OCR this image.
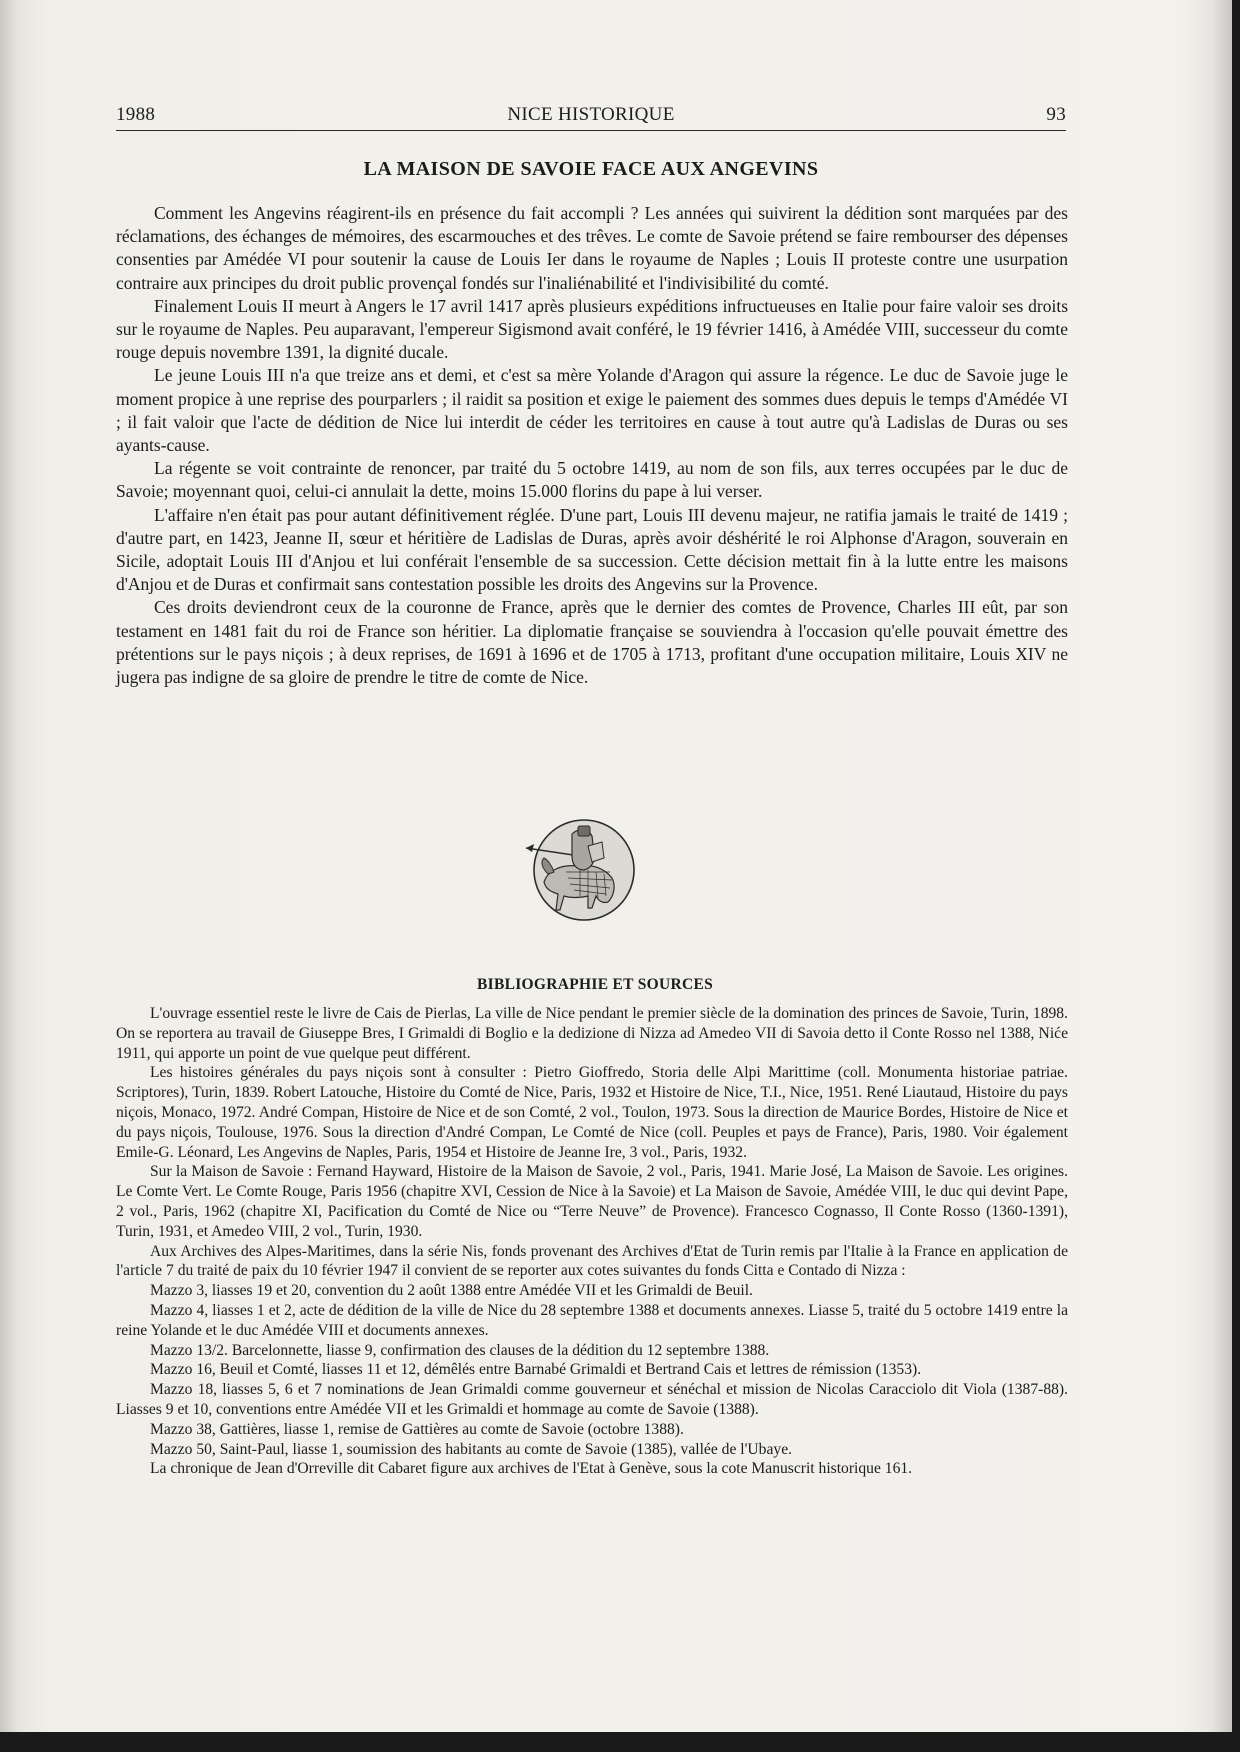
1988	NICE HISTORIQUE	93
LA MAISON DE SAVOIE FACE AUX ANGEVINS

Comment les Angevins réagirent-ils en présence du fait accompli ? Les années qui suivirent la dédition sont marquées par des réclamations, des échanges de mémoires, des escarmouches et des trêves. Le comte de Savoie prétend se faire rembourser des dépenses consenties par Amédée VI pour soutenir la cause de Louis Ier dans le royaume de Naples ; Louis II proteste contre une usurpation contraire aux principes du droit public provençal fondés sur l'inaliénabilité et l'indivisibilité du comté.

Finalement Louis II meurt à Angers le 17 avril 1417 après plusieurs expéditions infructueuses en Italie pour faire valoir ses droits sur le royaume de Naples. Peu auparavant, l'empereur Sigismond avait conféré, le 19 février 1416, à Amédée VIII, successeur du comte rouge depuis novembre 1391, la dignité ducale.

Le jeune Louis III n'a que treize ans et demi, et c'est sa mère Yolande d'Aragon qui assure la régence. Le duc de Savoie juge le moment propice à une reprise des pourparlers ; il raidit sa position et exige le paiement des sommes dues depuis le temps d'Amédée VI ; il fait valoir que l'acte de dédition de Nice lui interdit de céder les territoires en cause à tout autre qu'à Ladislas de Duras ou ses ayants-cause.

La régente se voit contrainte de renoncer, par traité du 5 octobre 1419, au nom de son fils, aux terres occupées par le duc de Savoie; moyennant quoi, celui-ci annulait la dette, moins 15.000 florins du pape à lui verser.

L'affaire n'en était pas pour autant définitivement réglée. D'une part, Louis III devenu majeur, ne ratifia jamais le traité de 1419 ; d'autre part, en 1423, Jeanne II, sœur et héritière de Ladislas de Duras, après avoir déshérité le roi Alphonse d'Aragon, souverain en Sicile, adoptait Louis III d'Anjou et lui conférait l'ensemble de sa succession. Cette décision mettait fin à la lutte entre les maisons d'Anjou et de Duras et confirmait sans contestation possible les droits des Angevins sur la Provence.

Ces droits deviendront ceux de la couronne de France, après que le dernier des comtes de Provence, Charles III eût, par son testament en 1481 fait du roi de France son héritier. La diplomatie française se souviendra à l'occasion qu'elle pouvait émettre des prétentions sur le pays niçois ; à deux reprises, de 1691 à 1696 et de 1705 à 1713, profitant d'une occupation militaire, Louis XIV ne jugera pas indigne de sa gloire de prendre le titre de comte de Nice.

BIBLIOGRAPHIE ET SOURCES

L'ouvrage essentiel reste le livre de Cais de Pierlas, La ville de Nice pendant le premier siècle de la domination des princes de Savoie, Turin, 1898. On se reportera au travail de Giuseppe Bres, I Grimaldi di Boglio e la dedizione di Nizza ad Amedeo VII di Savoia detto il Conte Rosso nel 1388, Niće 1911, qui apporte un point de vue quelque peut différent.

Les histoires générales du pays niçois sont à consulter : Pietro Gioffredo, Storia delle Alpi Marittime (coll. Monumenta historiae patriae. Scriptores), Turin, 1839. Robert Latouche, Histoire du Comté de Nice, Paris, 1932 et Histoire de Nice, T.I., Nice, 1951. René Liautaud, Histoire du pays niçois, Monaco, 1972. André Compan, Histoire de Nice et de son Comté, 2 vol., Toulon, 1973. Sous la direction de Maurice Bordes, Histoire de Nice et du pays niçois, Toulouse, 1976. Sous la direction d'André Compan, Le Comté de Nice (coll. Peuples et pays de France), Paris, 1980. Voir également Emile-G. Léonard, Les Angevins de Naples, Paris, 1954 et Histoire de Jeanne Ire, 3 vol., Paris, 1932.

Sur la Maison de Savoie : Fernand Hayward, Histoire de la Maison de Savoie, 2 vol., Paris, 1941. Marie José, La Maison de Savoie. Les origines. Le Comte Vert. Le Comte Rouge, Paris 1956 (chapitre XVI, Cession de Nice à la Savoie) et La Maison de Savoie, Amédée VIII, le duc qui devint Pape, 2 vol., Paris, 1962 (chapitre XI, Pacification du Comté de Nice ou “Terre Neuve” de Provence). Francesco Cognasso, Il Conte Rosso (1360-1391), Turin, 1931, et Amedeo VIII, 2 vol., Turin, 1930.

Aux Archives des Alpes-Maritimes, dans la série Nis, fonds provenant des Archives d'Etat de Turin remis par l'Italie à la France en application de l'article 7 du traité de paix du 10 février 1947 il convient de se reporter aux cotes suivantes du fonds Citta e Contado di Nizza :

Mazzo 3, liasses 19 et 20, convention du 2 août 1388 entre Amédée VII et les Grimaldi de Beuil.

Mazzo 4, liasses 1 et 2, acte de dédition de la ville de Nice du 28 septembre 1388 et documents annexes. Liasse 5, traité du 5 octobre 1419 entre la reine Yolande et le duc Amédée VIII et documents annexes.

Mazzo 13/2. Barcelonnette, liasse 9, confirmation des clauses de la dédition du 12 septembre 1388.

Mazzo 16, Beuil et Comté, liasses 11 et 12, démêlés entre Barnabé Grimaldi et Bertrand Cais et lettres de rémission (1353).

Mazzo 18, liasses 5, 6 et 7 nominations de Jean Grimaldi comme gouverneur et sénéchal et mission de Nicolas Caracciolo dit Viola (1387-88). Liasses 9 et 10, conventions entre Amédée VII et les Grimaldi et hommage au comte de Savoie (1388).

Mazzo 38, Gattières, liasse 1, remise de Gattières au comte de Savoie (octobre 1388).

Mazzo 50, Saint-Paul, liasse 1, soumission des habitants au comte de Savoie (1385), vallée de l'Ubaye.

La chronique de Jean d'Orreville dit Cabaret figure aux archives de l'Etat à Genève, sous la cote Manuscrit historique 161.
